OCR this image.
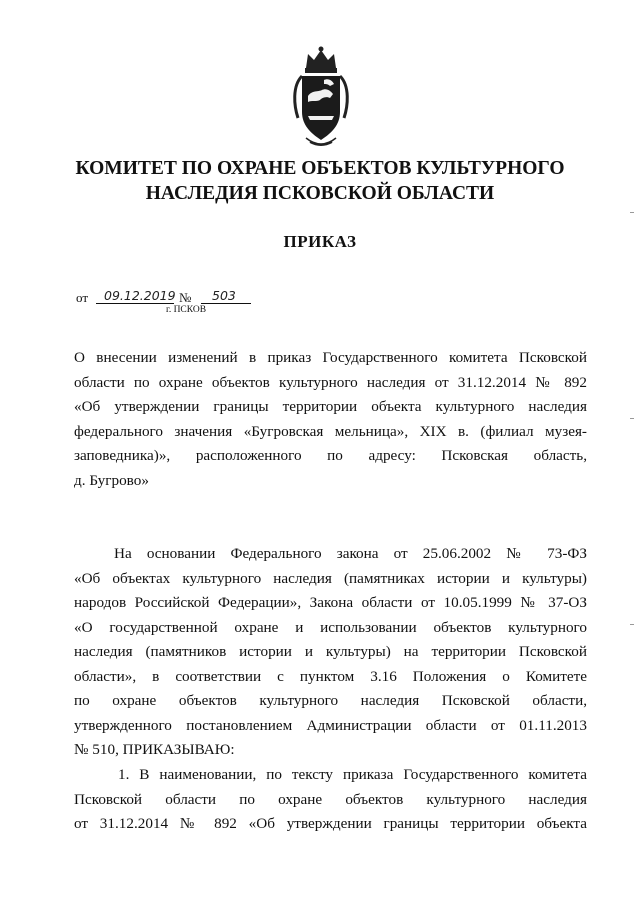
КОМИТЕТ ПО ОХРАНЕ ОБЪЕКТОВ КУЛЬТУРНОГО
НАСЛЕДИЯ ПСКОВСКОЙ ОБЛАСТИ
ПРИКАЗ
от 09.12.2019 № 503
г. ПСКОВ
О внесении изменений в приказ Государственного комитета Псковской
области по охране объектов культурного наследия от 31.12.2014 № 892
«Об утверждении границы территории объекта культурного наследия
федерального значения «Бугровская мельница», XIX в. (филиал музея-
заповедника)», расположенного по адресу: Псковская область,
д. Бугрово»
На основании Федерального закона от 25.06.2002 № 73-ФЗ
«Об объектах культурного наследия (памятниках истории и культуры)
народов Российской Федерации», Закона области от 10.05.1999 № 37-ОЗ
«О государственной охране и использовании объектов культурного
наследия (памятников истории и культуры) на территории Псковской
области», в соответствии с пунктом 3.16 Положения о Комитете
по охране объектов культурного наследия Псковской области,
утвержденного постановлением Администрации области от 01.11.2013
№ 510, ПРИКАЗЫВАЮ:
1. В наименовании, по тексту приказа Государственного комитета
Псковской области по охране объектов культурного наследия
от 31.12.2014 № 892 «Об утверждении границы территории объекта
